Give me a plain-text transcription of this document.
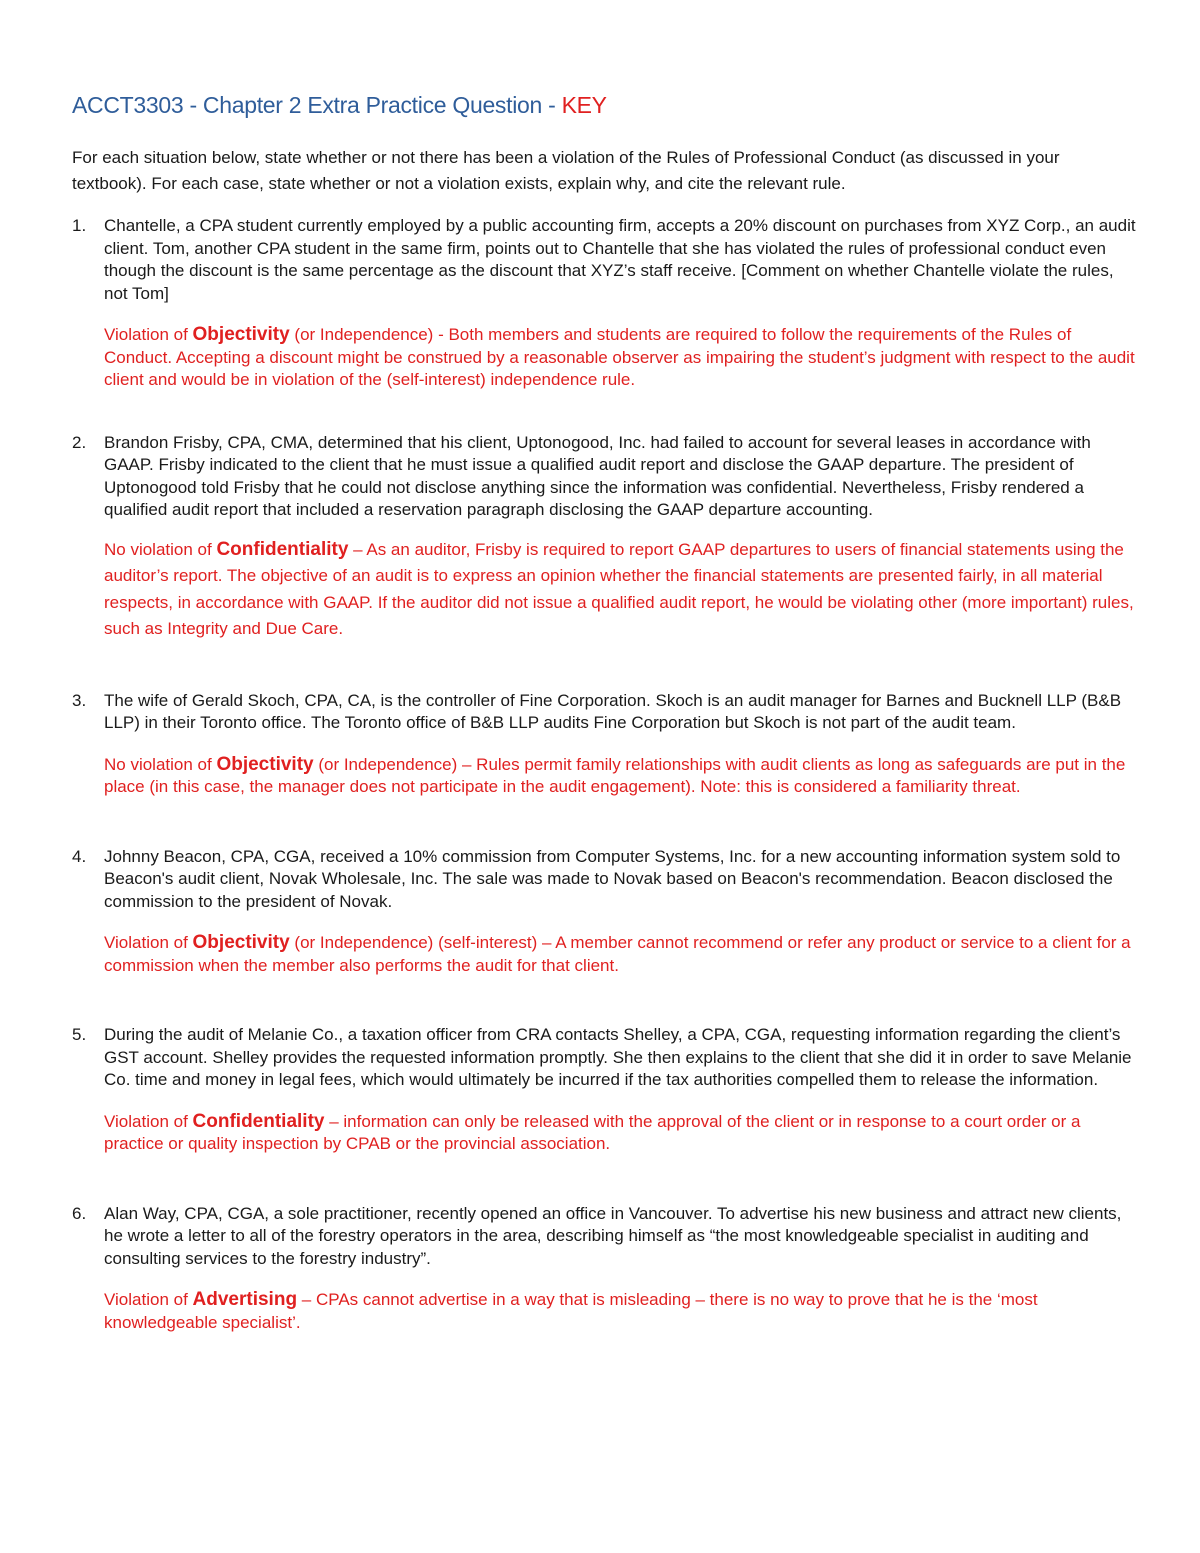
ACCT3303 - Chapter 2 Extra Practice Question - KEY

For each situation below, state whether or not there has been a violation of the Rules of Professional Conduct (as discussed in your textbook). For each case, state whether or not a violation exists, explain why, and cite the relevant rule.

1.	Chantelle, a CPA student currently employed by a public accounting firm, accepts a 20% discount on purchases from XYZ Corp., an audit client. Tom, another CPA student in the same firm, points out to Chantelle that she has violated the rules of professional conduct even though the discount is the same percentage as the discount that XYZ’s staff receive. [Comment on whether Chantelle violate the rules, not Tom]

Violation of Objectivity (or Independence) - Both members and students are required to follow the requirements of the Rules of Conduct. Accepting a discount might be construed by a reasonable observer as impairing the student’s judgment with respect to the audit client and would be in violation of the (self-interest) independence rule.

2.	Brandon Frisby, CPA, CMA, determined that his client, Uptonogood, Inc. had failed to account for several leases in accordance with GAAP. Frisby indicated to the client that he must issue a qualified audit report and disclose the GAAP departure. The president of Uptonogood told Frisby that he could not disclose anything since the information was confidential. Nevertheless, Frisby rendered a qualified audit report that included a reservation paragraph disclosing the GAAP departure accounting.

No violation of Confidentiality – As an auditor, Frisby is required to report GAAP departures to users of financial statements using the auditor’s report. The objective of an audit is to express an opinion whether the financial statements are presented fairly, in all material respects, in accordance with GAAP. If the auditor did not issue a qualified audit report, he would be violating other (more important) rules, such as Integrity and Due Care.

3.	The wife of Gerald Skoch, CPA, CA, is the controller of Fine Corporation. Skoch is an audit manager for Barnes and Bucknell LLP (B&B LLP) in their Toronto office. The Toronto office of B&B LLP audits Fine Corporation but Skoch is not part of the audit team.

No violation of Objectivity (or Independence) – Rules permit family relationships with audit clients as long as safeguards are put in the place (in this case, the manager does not participate in the audit engagement). Note: this is considered a familiarity threat.

4.	Johnny Beacon, CPA, CGA, received a 10% commission from Computer Systems, Inc. for a new accounting information system sold to Beacon's audit client, Novak Wholesale, Inc. The sale was made to Novak based on Beacon's recommendation. Beacon disclosed the commission to the president of Novak.

Violation of Objectivity (or Independence) (self-interest) – A member cannot recommend or refer any product or service to a client for a commission when the member also performs the audit for that client.

5.	During the audit of Melanie Co., a taxation officer from CRA contacts Shelley, a CPA, CGA, requesting information regarding the client’s GST account. Shelley provides the requested information promptly. She then explains to the client that she did it in order to save Melanie Co. time and money in legal fees, which would ultimately be incurred if the tax authorities compelled them to release the information.

Violation of Confidentiality – information can only be released with the approval of the client or in response to a court order or a practice or quality inspection by CPAB or the provincial association.

6.	Alan Way, CPA, CGA, a sole practitioner, recently opened an office in Vancouver. To advertise his new business and attract new clients, he wrote a letter to all of the forestry operators in the area, describing himself as “the most knowledgeable specialist in auditing and consulting services to the forestry industry”.

Violation of Advertising – CPAs cannot advertise in a way that is misleading – there is no way to prove that he is the ‘most knowledgeable specialist’.
